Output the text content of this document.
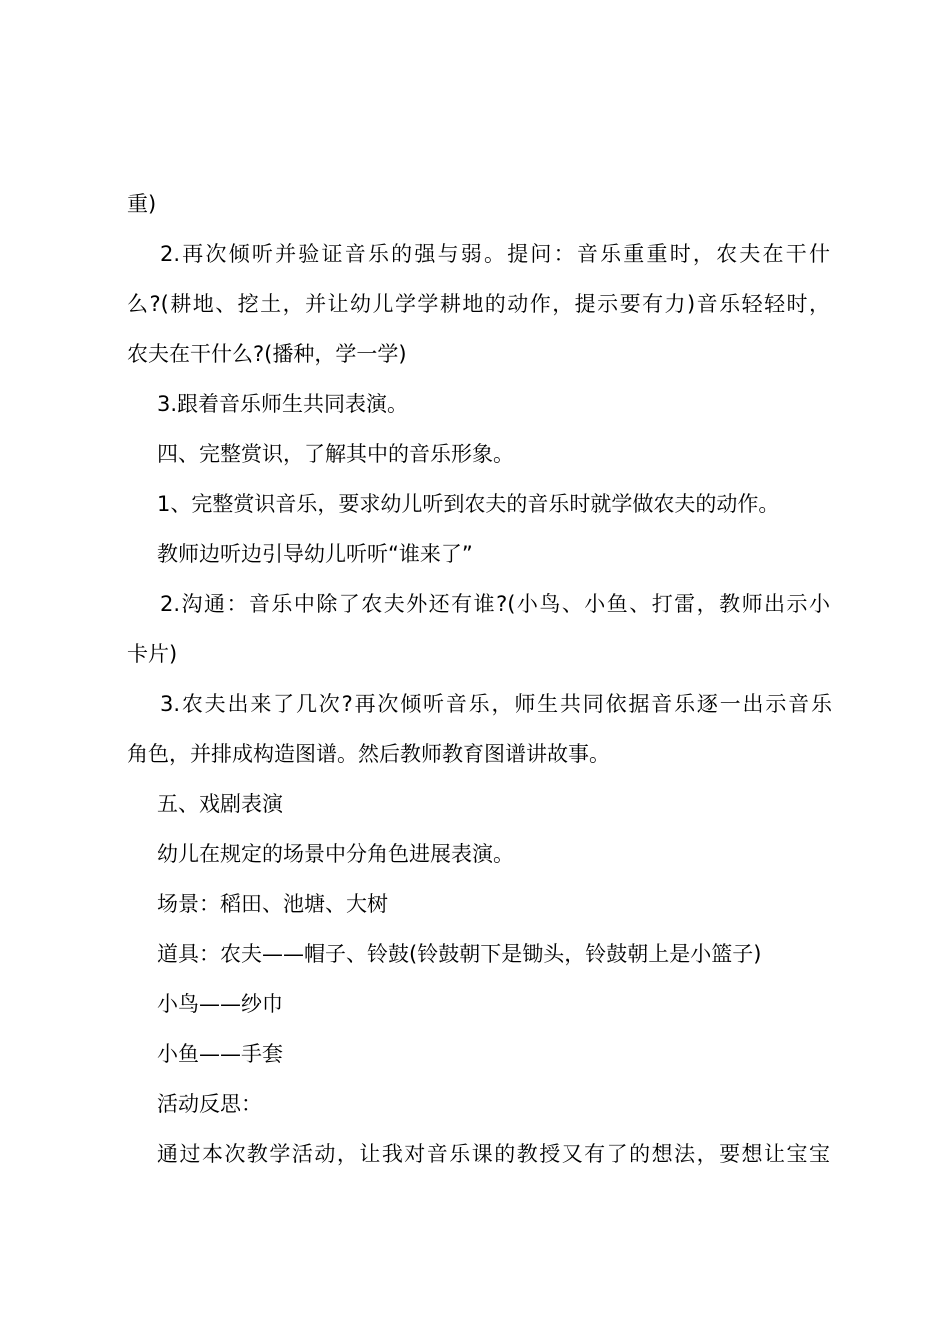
重)
2.再次倾听并验证音乐的强与弱。提问：音乐重重时，农夫在干什
么?(耕地、挖土，并让幼儿学学耕地的动作，提示要有力)音乐轻轻时，
农夫在干什么?(播种，学一学)
3.跟着音乐师生共同表演。
四、完整赏识，了解其中的音乐形象。
1、完整赏识音乐，要求幼儿听到农夫的音乐时就学做农夫的动作。
教师边听边引导幼儿听听“谁来了”
2.沟通：音乐中除了农夫外还有谁?(小鸟、小鱼、打雷，教师出示小
卡片)
3.农夫出来了几次?再次倾听音乐，师生共同依据音乐逐一出示音乐
角色，并排成构造图谱。然后教师教育图谱讲故事。
五、戏剧表演
幼儿在规定的场景中分角色进展表演。
场景：稻田、池塘、大树
道具：农夫——帽子、铃鼓(铃鼓朝下是锄头，铃鼓朝上是小篮子)
小鸟——纱巾
小鱼——手套
活动反思：
通过本次教学活动，让我对音乐课的教授又有了的想法，要想让宝宝
